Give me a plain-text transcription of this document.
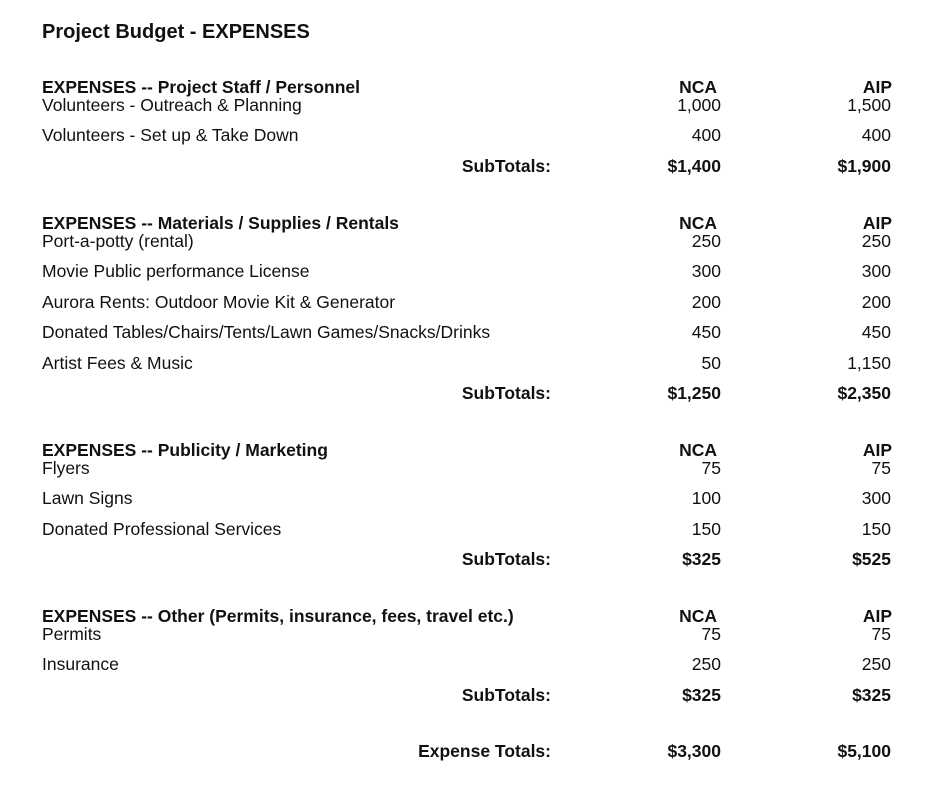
Project Budget - EXPENSES
EXPENSES -- Project Staff / Personnel	NCA	AIP
Volunteers - Outreach & Planning	1,000	1,500
Volunteers - Set up & Take Down	400	400
SubTotals:	$1,400	$1,900
EXPENSES -- Materials / Supplies / Rentals	NCA	AIP
Port-a-potty (rental)	250	250
Movie Public performance License	300	300
Aurora Rents: Outdoor Movie Kit & Generator	200	200
Donated Tables/Chairs/Tents/Lawn Games/Snacks/Drinks	450	450
Artist Fees & Music	50	1,150
SubTotals:	$1,250	$2,350
EXPENSES -- Publicity / Marketing	NCA	AIP
Flyers	75	75
Lawn Signs	100	300
Donated Professional Services	150	150
SubTotals:	$325	$525
EXPENSES -- Other (Permits, insurance, fees, travel etc.)	NCA	AIP
Permits	75	75
Insurance	250	250
SubTotals:	$325	$325
Expense Totals:	$3,300	$5,100
